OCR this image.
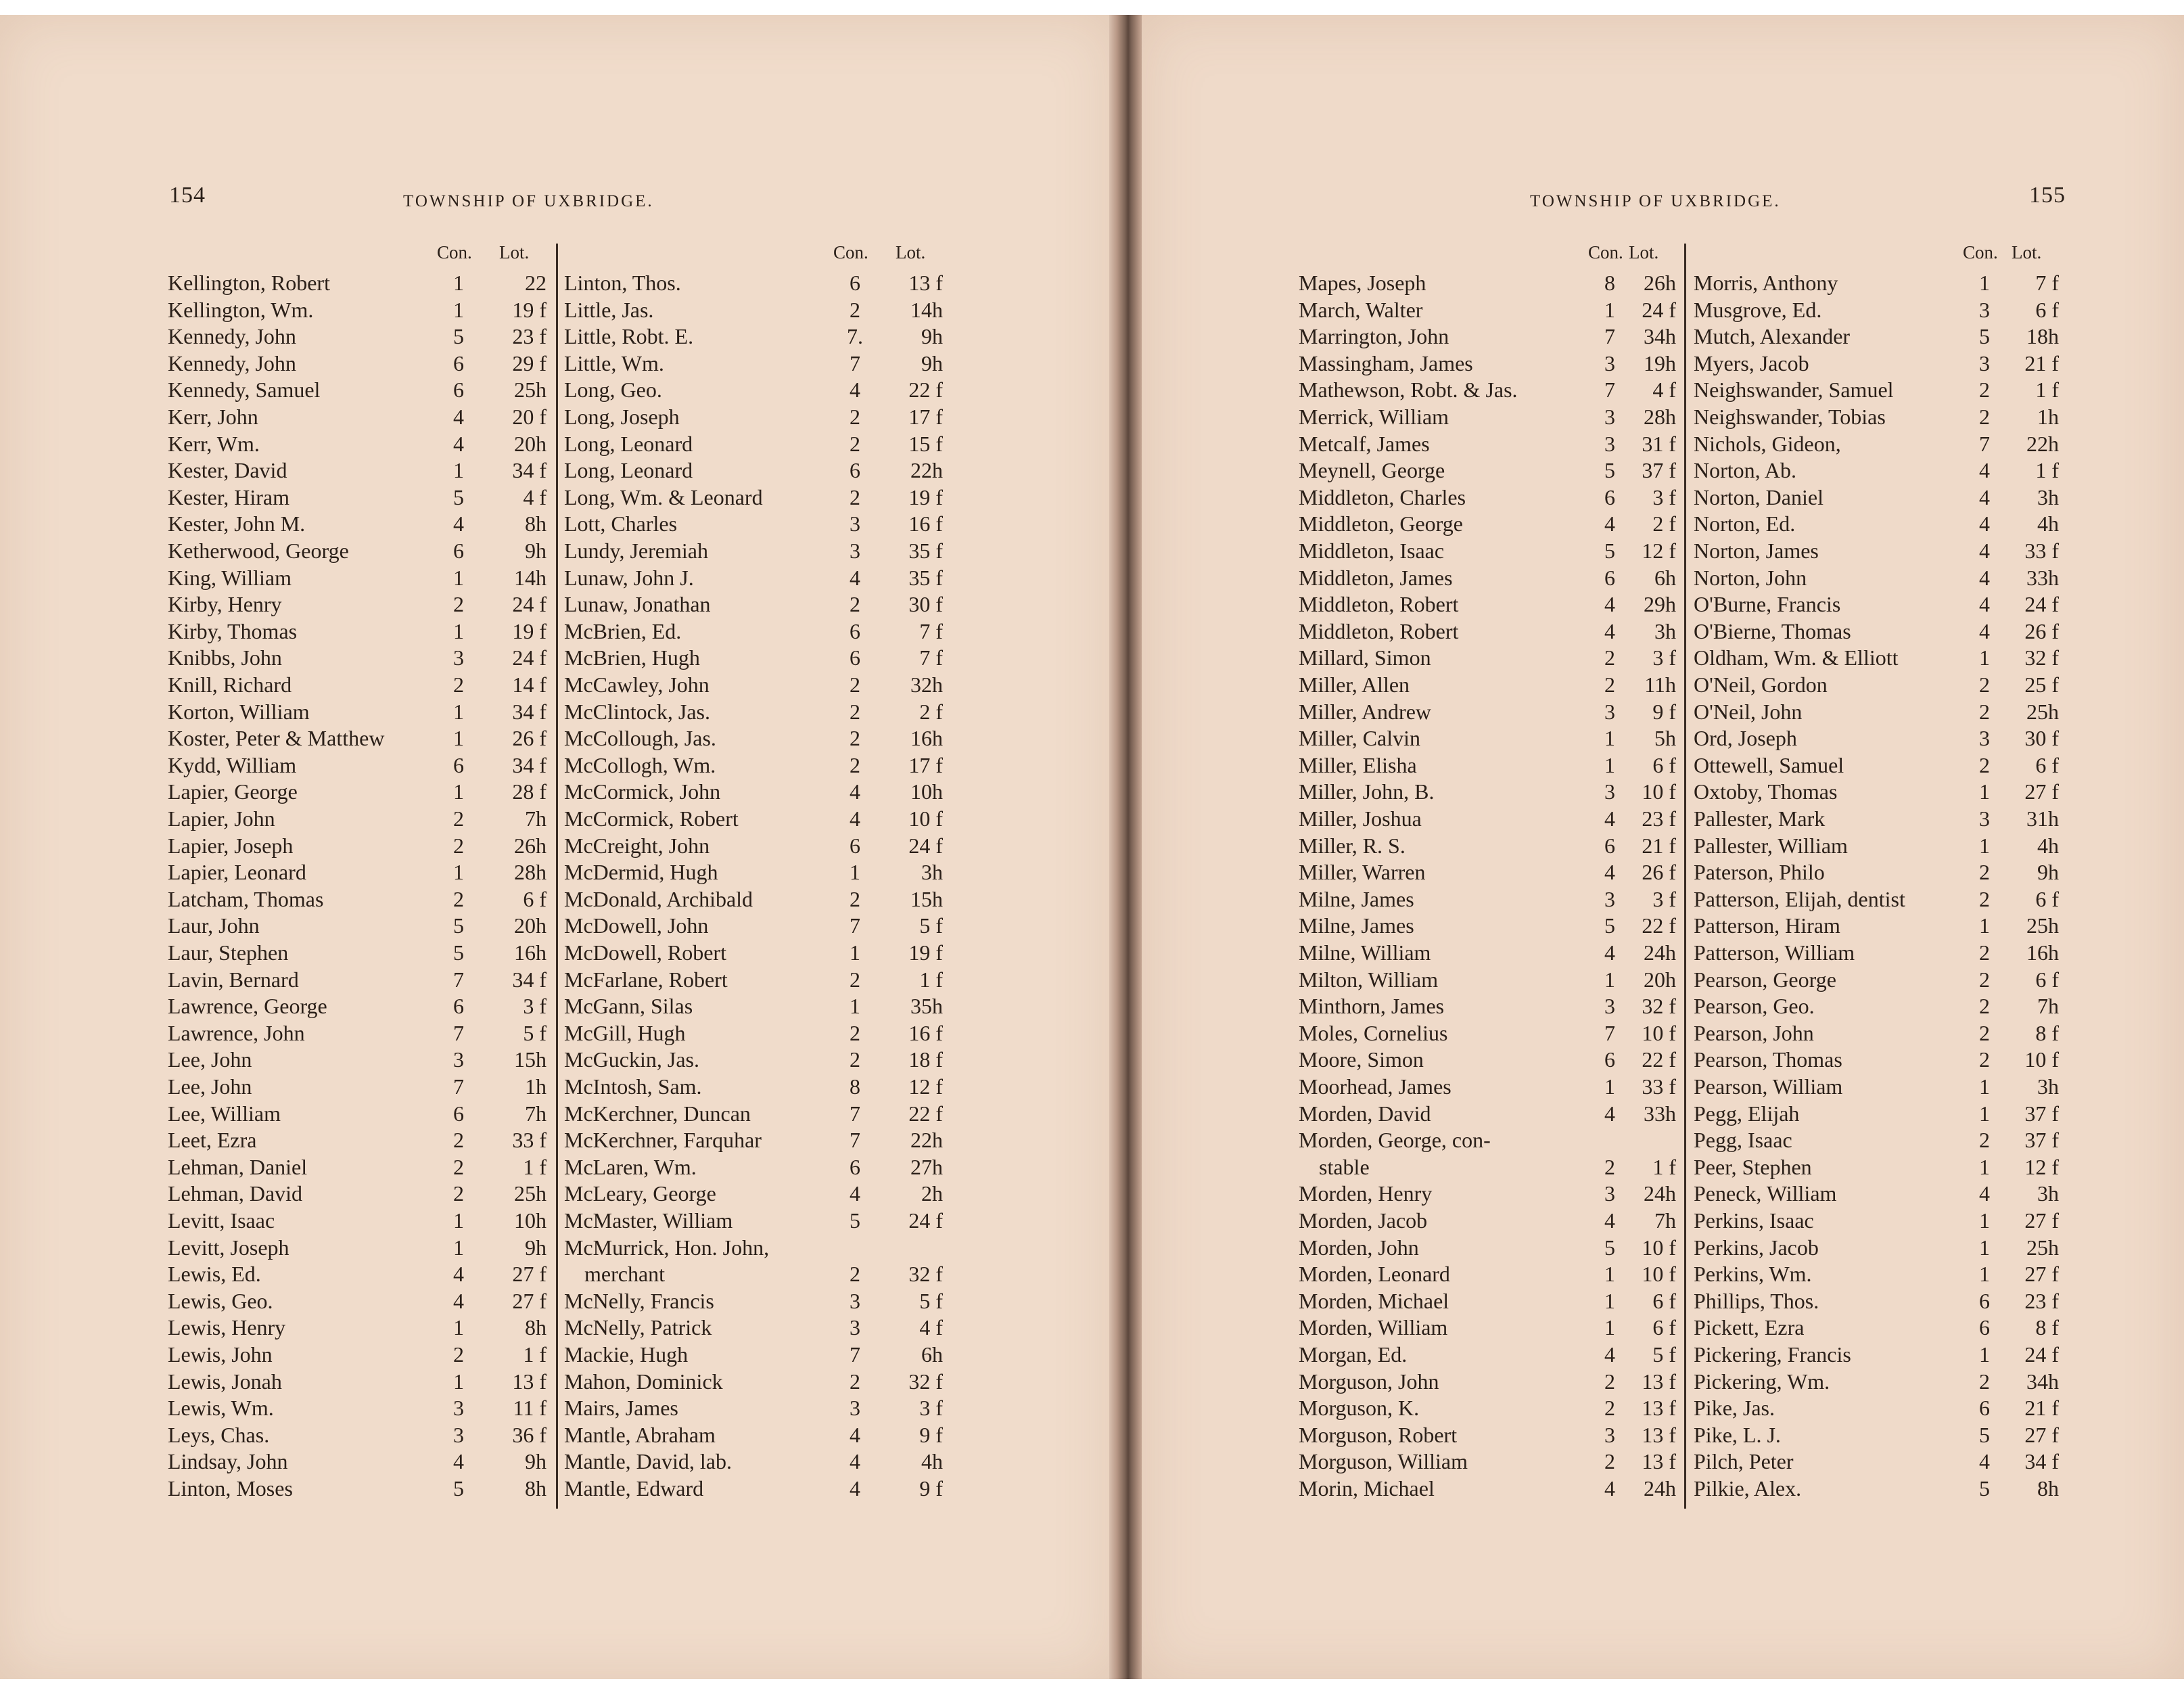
154	TOWNSHIP OF UXBRIDGE.
Con. Lot.
Kellington, Robert	1	22
Kellington, Wm.	1	19 f
Kennedy, John	5	23 f
Kennedy, John	6	29 f
Kennedy, Samuel	6	25h
Kerr, John	4	20 f
Kerr, Wm.	4	20h
Kester, David	1	34 f
Kester, Hiram	5	4 f
Kester, John M.	4	8h
Ketherwood, George	6	9h
King, William	1	14h
Kirby, Henry	2	24 f
Kirby, Thomas	1	19 f
Knibbs, John	3	24 f
Knill, Richard	2	14 f
Korton, William	1	34 f
Koster, Peter & Matthew	1	26 f
Kydd, William	6	34 f
Lapier, George	1	28 f
Lapier, John	2	7h
Lapier, Joseph	2	26h
Lapier, Leonard	1	28h
Latcham, Thomas	2	6 f
Laur, John	5	20h
Laur, Stephen	5	16h
Lavin, Bernard	7	34 f
Lawrence, George	6	3 f
Lawrence, John	7	5 f
Lee, John	3	15h
Lee, John	7	1h
Lee, William	6	7h
Leet, Ezra	2	33 f
Lehman, Daniel	2	1 f
Lehman, David	2	25h
Levitt, Isaac	1	10h
Levitt, Joseph	1	9h
Lewis, Ed.	4	27 f
Lewis, Geo.	4	27 f
Lewis, Henry	1	8h
Lewis, John	2	1 f
Lewis, Jonah	1	13 f
Lewis, Wm.	3	11 f
Leys, Chas.	3	36 f
Lindsay, John	4	9h
Linton, Moses	5	8h
Con. Lot.
Linton, Thos.	6	13 f
Little, Jas.	2	14h
Little, Robt. E.	7.	9h
Little, Wm.	7	9h
Long, Geo.	4	22 f
Long, Joseph	2	17 f
Long, Leonard	2	15 f
Long, Leonard	6	22h
Long, Wm. & Leonard	2	19 f
Lott, Charles	3	16 f
Lundy, Jeremiah	3	35 f
Lunaw, John J.	4	35 f
Lunaw, Jonathan	2	30 f
McBrien, Ed.	6	7 f
McBrien, Hugh	6	7 f
McCawley, John	2	32h
McClintock, Jas.	2	2 f
McCollough, Jas.	2	16h
McCollogh, Wm.	2	17 f
McCormick, John	4	10h
McCormick, Robert	4	10 f
McCreight, John	6	24 f
McDermid, Hugh	1	3h
McDonald, Archibald	2	15h
McDowell, John	7	5 f
McDowell, Robert	1	19 f
McFarlane, Robert	2	1 f
McGann, Silas	1	35h
McGill, Hugh	2	16 f
McGuckin, Jas.	2	18 f
McIntosh, Sam.	8	12 f
McKerchner, Duncan	7	22 f
McKerchner, Farquhar	7	22h
McLaren, Wm.	6	27h
McLeary, George	4	2h
McMaster, William	5	24 f
McMurrick, Hon. John,
merchant	2	32 f
McNelly, Francis	3	5 f
McNelly, Patrick	3	4 f
Mackie, Hugh	7	6h
Mahon, Dominick	2	32 f
Mairs, James	3	3 f
Mantle, Abraham	4	9 f
Mantle, David, lab.	4	4h
Mantle, Edward	4	9 f
TOWNSHIP OF UXBRIDGE.	155
Con. Lot.
Mapes, Joseph	8	26h
March, Walter	1	24 f
Marrington, John	7	34h
Massingham, James	3	19h
Mathewson, Robt. & Jas.	7	4 f
Merrick, William	3	28h
Metcalf, James	3	31 f
Meynell, George	5	37 f
Middleton, Charles	6	3 f
Middleton, George	4	2 f
Middleton, Isaac	5	12 f
Middleton, James	6	6h
Middleton, Robert	4	29h
Middleton, Robert	4	3h
Millard, Simon	2	3 f
Miller, Allen	2	11h
Miller, Andrew	3	9 f
Miller, Calvin	1	5h
Miller, Elisha	1	6 f
Miller, John, B.	3	10 f
Miller, Joshua	4	23 f
Miller, R. S.	6	21 f
Miller, Warren	4	26 f
Milne, James	3	3 f
Milne, James	5	22 f
Milne, William	4	24h
Milton, William	1	20h
Minthorn, James	3	32 f
Moles, Cornelius	7	10 f
Moore, Simon	6	22 f
Moorhead, James	1	33 f
Morden, David	4	33h
Morden, George, con-
stable	2	1 f
Morden, Henry	3	24h
Morden, Jacob	4	7h
Morden, John	5	10 f
Morden, Leonard	1	10 f
Morden, Michael	1	6 f
Morden, William	1	6 f
Morgan, Ed.	4	5 f
Morguson, John	2	13 f
Morguson, K.	2	13 f
Morguson, Robert	3	13 f
Morguson, William	2	13 f
Morin, Michael	4	24h
Con. Lot.
Morris, Anthony	1	7 f
Musgrove, Ed.	3	6 f
Mutch, Alexander	5	18h
Myers, Jacob	3	21 f
Neighswander, Samuel	2	1 f
Neighswander, Tobias	2	1h
Nichols, Gideon,	7	22h
Norton, Ab.	4	1 f
Norton, Daniel	4	3h
Norton, Ed.	4	4h
Norton, James	4	33 f
Norton, John	4	33h
O'Burne, Francis	4	24 f
O'Bierne, Thomas	4	26 f
Oldham, Wm. & Elliott	1	32 f
O'Neil, Gordon	2	25 f
O'Neil, John	2	25h
Ord, Joseph	3	30 f
Ottewell, Samuel	2	6 f
Oxtoby, Thomas	1	27 f
Pallester, Mark	3	31h
Pallester, William	1	4h
Paterson, Philo	2	9h
Patterson, Elijah, dentist	2	6 f
Patterson, Hiram	1	25h
Patterson, William	2	16h
Pearson, George	2	6 f
Pearson, Geo.	2	7h
Pearson, John	2	8 f
Pearson, Thomas	2	10 f
Pearson, William	1	3h
Pegg, Elijah	1	37 f
Pegg, Isaac	2	37 f
Peer, Stephen	1	12 f
Peneck, William	4	3h
Perkins, Isaac	1	27 f
Perkins, Jacob	1	25h
Perkins, Wm.	1	27 f
Phillips, Thos.	6	23 f
Pickett, Ezra	6	8 f
Pickering, Francis	1	24 f
Pickering, Wm.	2	34h
Pike, Jas.	6	21 f
Pike, L. J.	5	27 f
Pilch, Peter	4	34 f
Pilkie, Alex.	5	8h
